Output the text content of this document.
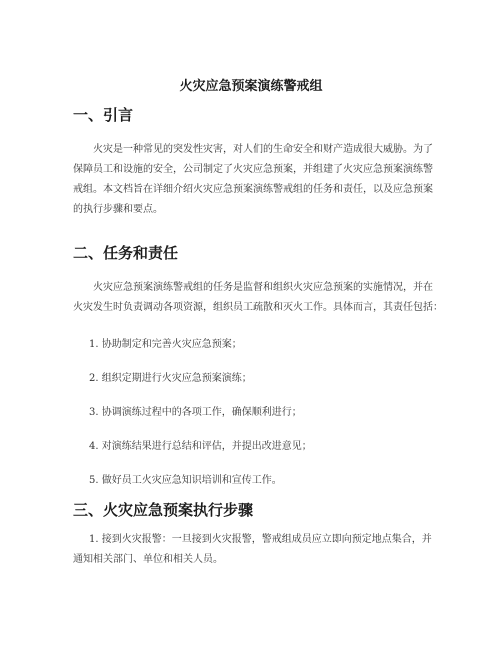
火灾应急预案演练警戒组
一、引言

火灾是一种常见的突发性灾害，对人们的生命安全和财产造成很大威胁。为了
保障员工和设施的安全，公司制定了火灾应急预案，并组建了火灾应急预案演练警
戒组。本文档旨在详细介绍火灾应急预案演练警戒组的任务和责任，以及应急预案
的执行步骤和要点。

二、任务和责任

火灾应急预案演练警戒组的任务是监督和组织火灾应急预案的实施情况，并在
火灾发生时负责调动各项资源，组织员工疏散和灭火工作。具体而言，其责任包括：

1. 协助制定和完善火灾应急预案；

2. 组织定期进行火灾应急预案演练；

3. 协调演练过程中的各项工作，确保顺利进行；

4. 对演练结果进行总结和评估，并提出改进意见；

5. 做好员工火灾应急知识培训和宣传工作。

三、火灾应急预案执行步骤

1. 接到火灾报警：一旦接到火灾报警，警戒组成员应立即向预定地点集合，并
通知相关部门、单位和相关人员。
